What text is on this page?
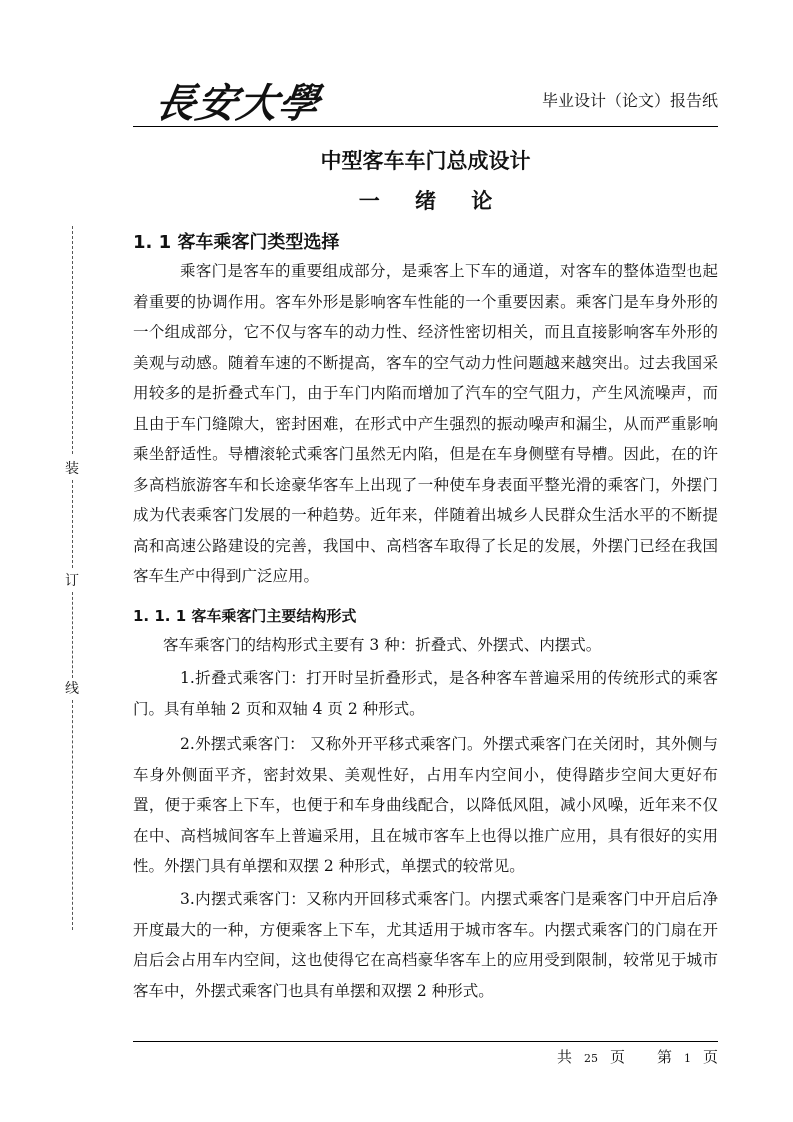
長安大學	毕业设计（论文）报告纸
装
订
线
中型客车车门总成设计
一 绪 论
1. 1 客车乘客门类型选择

乘客门是客车的重要组成部分，是乘客上下车的通道，对客车的整体造型也起着重要的协调作用。客车外形是影响客车性能的一个重要因素。乘客门是车身外形的一个组成部分，它不仅与客车的动力性、经济性密切相关，而且直接影响客车外形的美观与动感。随着车速的不断提高，客车的空气动力性问题越来越突出。过去我国采用较多的是折叠式车门，由于车门内陷而增加了汽车的空气阻力，产生风流噪声，而且由于车门缝隙大，密封困难，在形式中产生强烈的振动噪声和漏尘，从而严重影响乘坐舒适性。导槽滚轮式乘客门虽然无内陷，但是在车身侧壁有导槽。因此，在的许多高档旅游客车和长途豪华客车上出现了一种使车身表面平整光滑的乘客门，外摆门成为代表乘客门发展的一种趋势。近年来，伴随着出城乡人民群众生活水平的不断提高和高速公路建设的完善，我国中、高档客车取得了长足的发展，外摆门已经在我国客车生产中得到广泛应用。

1. 1. 1 客车乘客门主要结构形式

客车乘客门的结构形式主要有 3 种：折叠式、外摆式、内摆式。

1.折叠式乘客门：打开时呈折叠形式，是各种客车普遍采用的传统形式的乘客门。具有单轴 2 页和双轴 4 页 2 种形式。

2.外摆式乘客门： 又称外开平移式乘客门。外摆式乘客门在关闭时，其外侧与车身外侧面平齐，密封效果、美观性好，占用车内空间小，使得踏步空间大更好布置，便于乘客上下车，也便于和车身曲线配合，以降低风阻，减小风噪，近年来不仅在中、高档城间客车上普遍采用，且在城市客车上也得以推广应用，具有很好的实用性。外摆门具有单摆和双摆 2 种形式，单摆式的较常见。

3.内摆式乘客门：又称内开回移式乘客门。内摆式乘客门是乘客门中开启后净开度最大的一种，方便乘客上下车，尤其适用于城市客车。内摆式乘客门的门扇在开启后会占用车内空间，这也使得它在高档豪华客车上的应用受到限制，较常见于城市客车中，外摆式乘客门也具有单摆和双摆 2 种形式。

共 25 页 第 1 页
